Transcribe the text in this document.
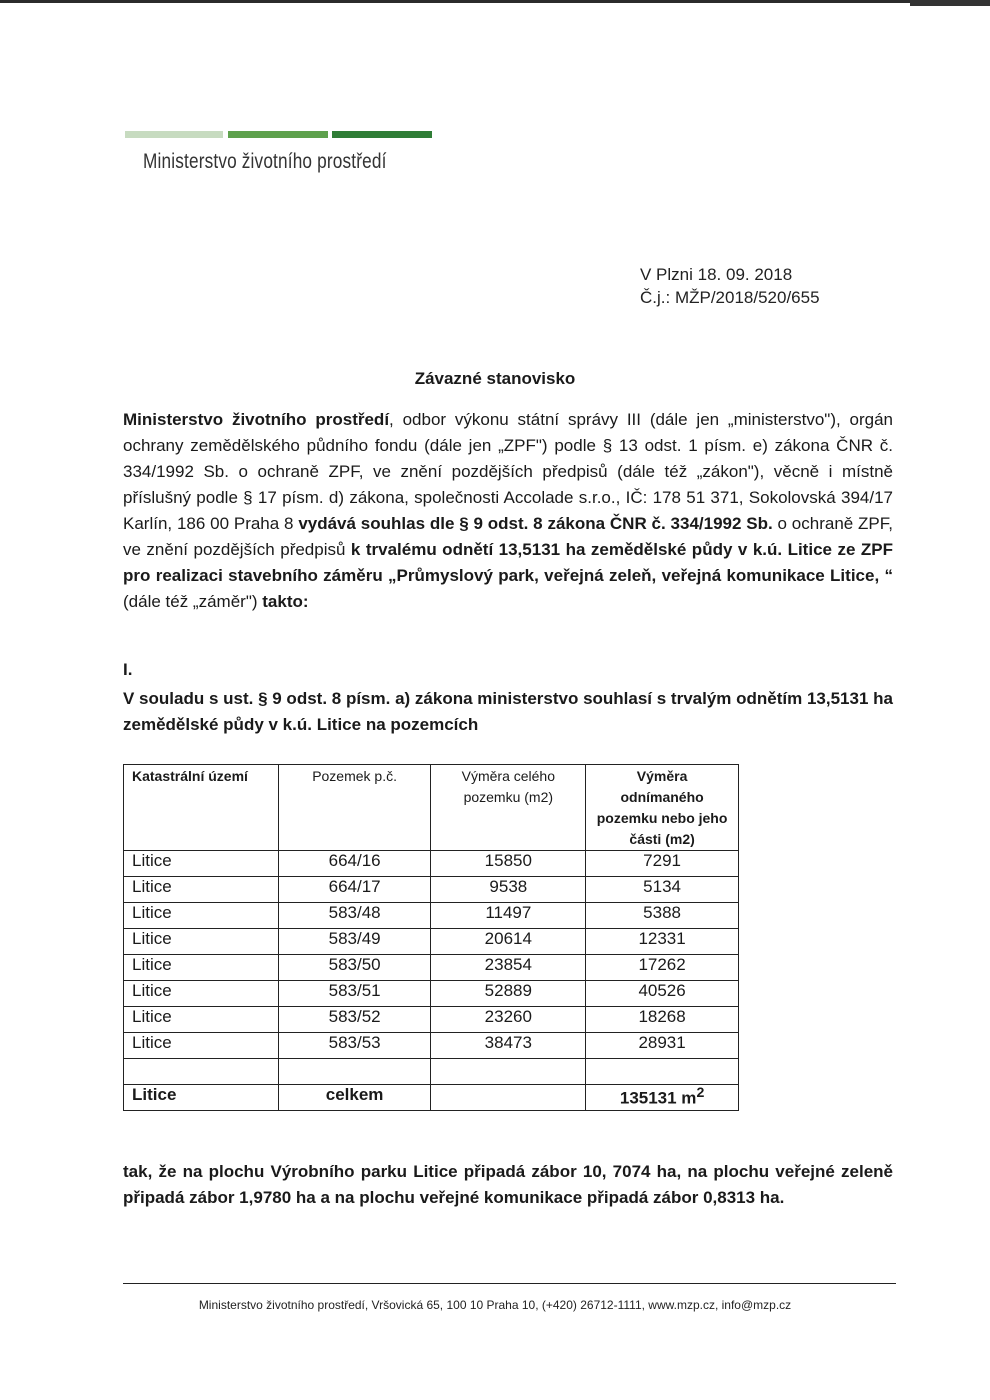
Ministerstvo životního prostředí
V Plzni 18. 09. 2018
Č.j.: MŽP/2018/520/655
Závazné stanovisko
Ministerstvo životního prostředí, odbor výkonu státní správy III (dále jen „ministerstvo"), orgán ochrany zemědělského půdního fondu (dále jen „ZPF") podle § 13 odst. 1 písm. e) zákona ČNR č. 334/1992 Sb. o ochraně ZPF, ve znění pozdějších předpisů (dále též „zákon"), věcně i místně příslušný podle § 17 písm. d) zákona, společnosti Accolade s.r.o., IČ: 178 51 371, Sokolovská 394/17 Karlín, 186 00 Praha 8 vydává souhlas dle § 9 odst. 8 zákona ČNR č. 334/1992 Sb. o ochraně ZPF, ve znění pozdějších předpisů k trvalému odnětí 13,5131 ha zemědělské půdy v k.ú. Litice ze ZPF pro realizaci stavebního záměru „Průmyslový park, veřejná zeleň, veřejná komunikace Litice, “ (dále též „záměr") takto:
I.
V souladu s ust. § 9 odst. 8 písm. a) zákona ministerstvo souhlasí s trvalým odnětím 13,5131 ha zemědělské půdy v k.ú. Litice na pozemcích
Katastrální území	Pozemek p.č.	Výměra celého pozemku (m2)	Výměra odnímaného pozemku nebo jeho části (m2)
Litice	664/16	15850	7291
Litice	664/17	9538	5134
Litice	583/48	11497	5388
Litice	583/49	20614	12331
Litice	583/50	23854	17262
Litice	583/51	52889	40526
Litice	583/52	23260	18268
Litice	583/53	38473	28931

Litice	celkem		135131 $m^2$
tak, že na plochu Výrobního parku Litice připadá zábor 10, 7074 ha, na plochu veřejné zeleně připadá zábor 1,9780 ha a na plochu veřejné komunikace připadá zábor 0,8313 ha.
Ministerstvo životního prostředí, Vršovická 65, 100 10 Praha 10, (+420) 26712-1111, www.mzp.cz, info@mzp.cz
